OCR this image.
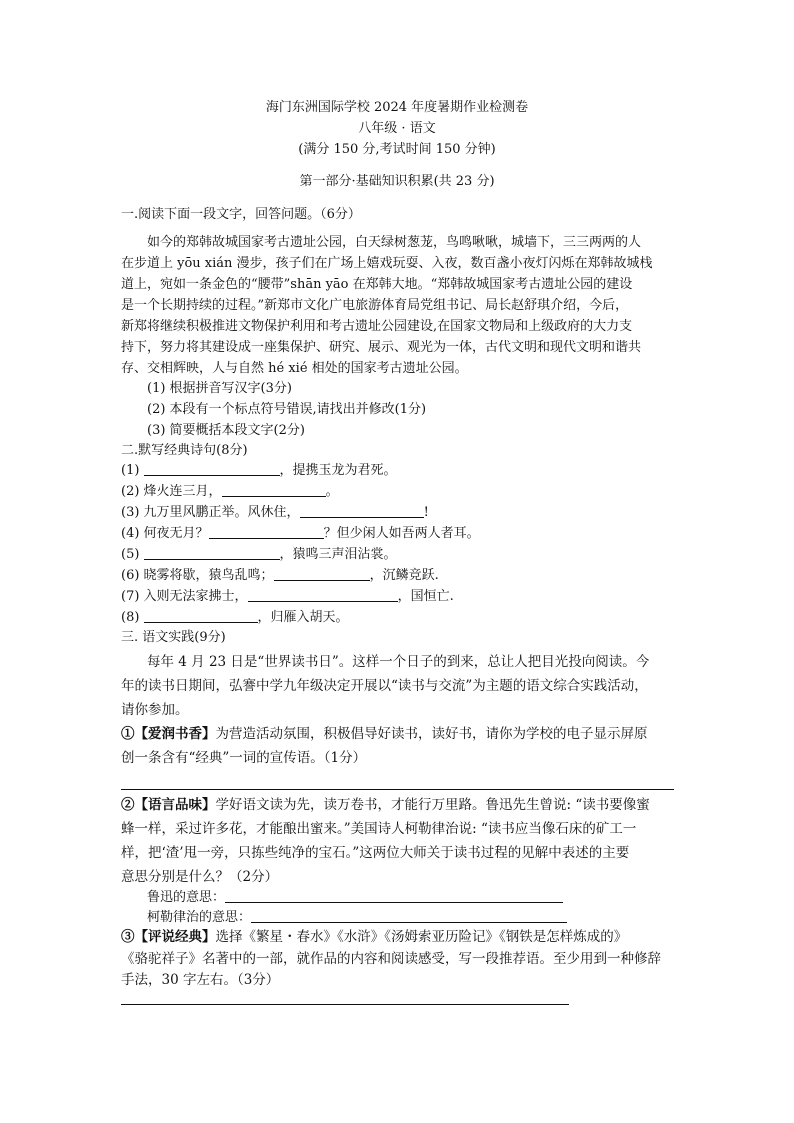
海门东洲国际学校 2024 年度暑期作业检测卷
八年级 · 语文
(满分 150 分,考试时间 150 分钟)
第一部分·基础知识积累(共 23 分)
一.阅读下面一段文字，回答问题。（6分）
如今的郑韩故城国家考古遗址公园，白天绿树葱茏，鸟鸣啾啾，城墙下，三三两两的人
在步道上 yōu xián 漫步，孩子们在广场上嬉戏玩耍、入夜，数百盏小夜灯闪烁在郑韩故城栈
道上，宛如一条金色的“腰带”shān yāo 在郑韩大地。“郑韩故城国家考古遗址公园的建设
是一个长期持续的过程。”新郑市文化广电旅游体育局党组书记、局长赵舒琪介绍，今后，
新郑将继续积极推进文物保护利用和考古遗址公园建设,在国家文物局和上级政府的大力支
持下，努力将其建设成一座集保护、研究、展示、观光为一体，古代文明和现代文明和谐共
存、交相辉映，人与自然 hé xié 相处的国家考古遗址公园。
(1) 根据拼音写汉字(3分)
(2) 本段有一个标点符号错误,请找出并修改(1分)
(3) 简要概括本段文字(2分)
二.默写经典诗句(8分)
(1)	，提携玉龙为君死。
(2) 烽火连三月，	。
(3) 九万里风鹏正举。风休住，	!
(4) 何夜无月？	？但少闲人如吾两人者耳。
(5)	，猿鸣三声泪沾裳。
(6) 晓雾将歇，猿鸟乱鸣；	，沉鳞竞跃.
(7) 入则无法家拂士，	，国恒亡.
(8)	，归雁入胡天。
三. 语文实践(9分)
每年 4 月 23 日是“世界读书日”。这样一个日子的到来，总让人把目光投向阅读。今
年的读书日期间，弘謇中学九年级决定开展以“读书与交流”为主题的语文综合实践活动，
请你参加。
①【爱润书香】为营造活动氛围，积极倡导好读书，读好书，请你为学校的电子显示屏原
创一条含有“经典”一词的宣传语。（1分）
②【语言品味】学好语文读为先，读万卷书，才能行万里路。鲁迅先生曾说: “读书要像蜜
蜂一样，采过许多花，才能酿出蜜来。”美国诗人柯勒律治说: “读书应当像石床的矿工一
样，把‘渣’甩一旁，只拣些纯净的宝石。”这两位大师关于读书过程的见解中表述的主要
意思分别是什么？（2分）
鲁迅的意思：
柯勒律治的意思：
③【评说经典】选择《繁星・春水》《水浒》《汤姆索亚历险记》《钢铁是怎样炼成的》
《骆驼祥子》名著中的一部，就作品的内容和阅读感受，写一段推荐语。至少用到一种修辞
手法，30 字左右。（3分）
